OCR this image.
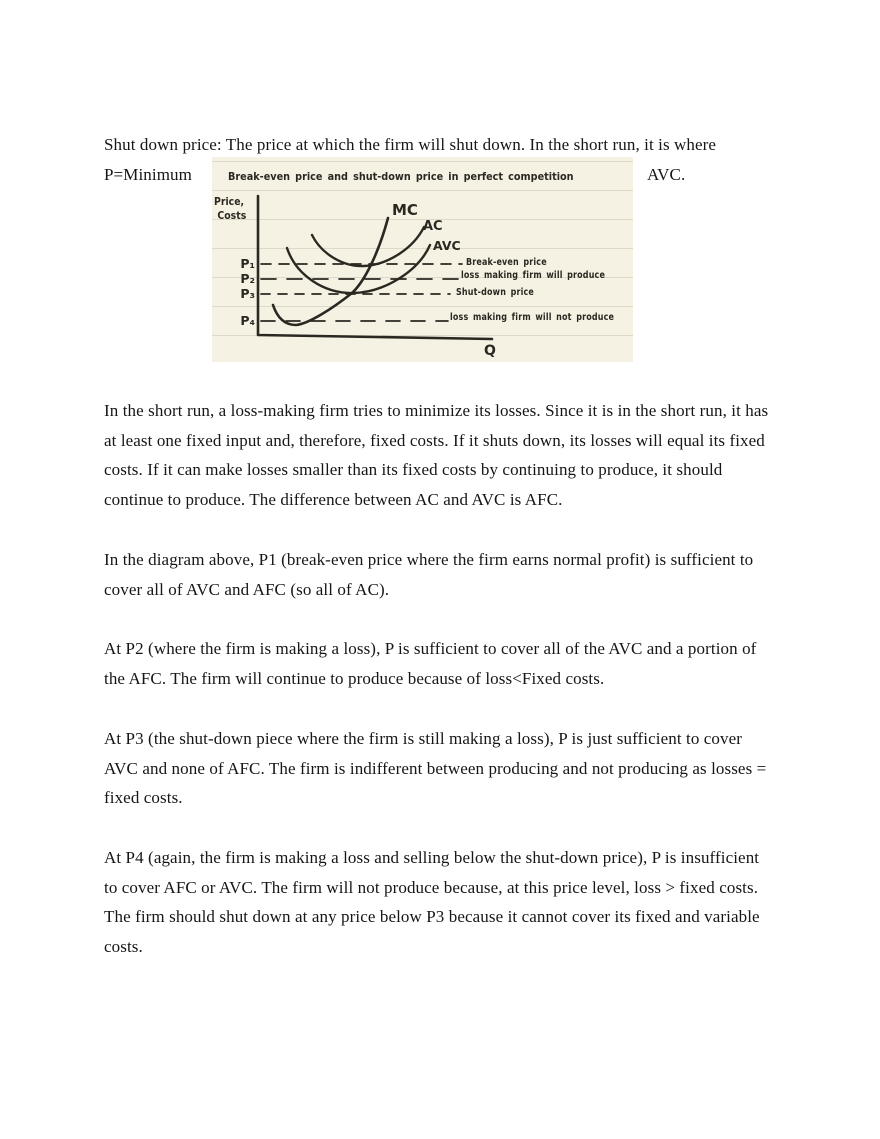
Shut down price: The price at which the firm will shut down. In the short run, it is where
P=Minimum	AVC.
Break-even price and shut-down price in perfect competition
Price,
Costs	MC
AC
AVC
P₁
P₂
P₃
P₄
Break-even price
loss making firm will produce
Shut-down price
loss making firm will not produce
Q
In the short run, a loss-making firm tries to minimize its losses. Since it is in the short run, it has
at least one fixed input and, therefore, fixed costs. If it shuts down, its losses will equal its fixed
costs. If it can make losses smaller than its fixed costs by continuing to produce, it should
continue to produce. The difference between AC and AVC is AFC.
In the diagram above, P1 (break-even price where the firm earns normal profit) is sufficient to
cover all of AVC and AFC (so all of AC).
At P2 (where the firm is making a loss), P is sufficient to cover all of the AVC and a portion of
the AFC. The firm will continue to produce because of loss<Fixed costs.
At P3 (the shut-down piece where the firm is still making a loss), P is just sufficient to cover
AVC and none of AFC. The firm is indifferent between producing and not producing as losses =
fixed costs.
At P4 (again, the firm is making a loss and selling below the shut-down price), P is insufficient
to cover AFC or AVC. The firm will not produce because, at this price level, loss > fixed costs.
The firm should shut down at any price below P3 because it cannot cover its fixed and variable
costs.
